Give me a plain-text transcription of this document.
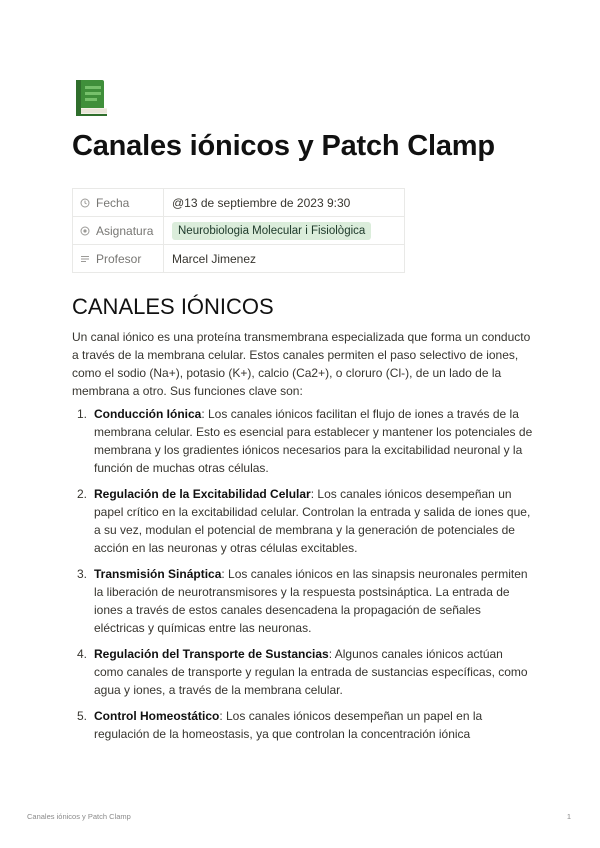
Canales iónicos y Patch Clamp
Fecha	@13 de septiembre de 2023 9:30

Asignatura	Neurobiologia Molecular i Fisiològica

Profesor	Marcel Jimenez
CANALES IÓNICOS

Un canal iónico es una proteína transmembrana especializada que forma un conducto a través de la membrana celular. Estos canales permiten el paso selectivo de iones, como el sodio (Na+), potasio (K+), calcio (Ca2+), o cloruro (Cl-), de un lado de la membrana a otro. Sus funciones clave son:

1. Conducción Iónica: Los canales iónicos facilitan el flujo de iones a través de la membrana celular. Esto es esencial para establecer y mantener los potenciales de membrana y los gradientes iónicos necesarios para la excitabilidad neuronal y la función de muchas otras células.
2. Regulación de la Excitabilidad Celular: Los canales iónicos desempeñan un papel crítico en la excitabilidad celular. Controlan la entrada y salida de iones que, a su vez, modulan el potencial de membrana y la generación de potenciales de acción en las neuronas y otras células excitables.
3. Transmisión Sináptica: Los canales iónicos en las sinapsis neuronales permiten la liberación de neurotransmisores y la respuesta postsináptica. La entrada de iones a través de estos canales desencadena la propagación de señales eléctricas y químicas entre las neuronas.
4. Regulación del Transporte de Sustancias: Algunos canales iónicos actúan como canales de transporte y regulan la entrada de sustancias específicas, como agua y iones, a través de la membrana celular.
5. Control Homeostático: Los canales iónicos desempeñan un papel en la regulación de la homeostasis, ya que controlan la concentración iónica
Canales iónicos y Patch Clamp	1
